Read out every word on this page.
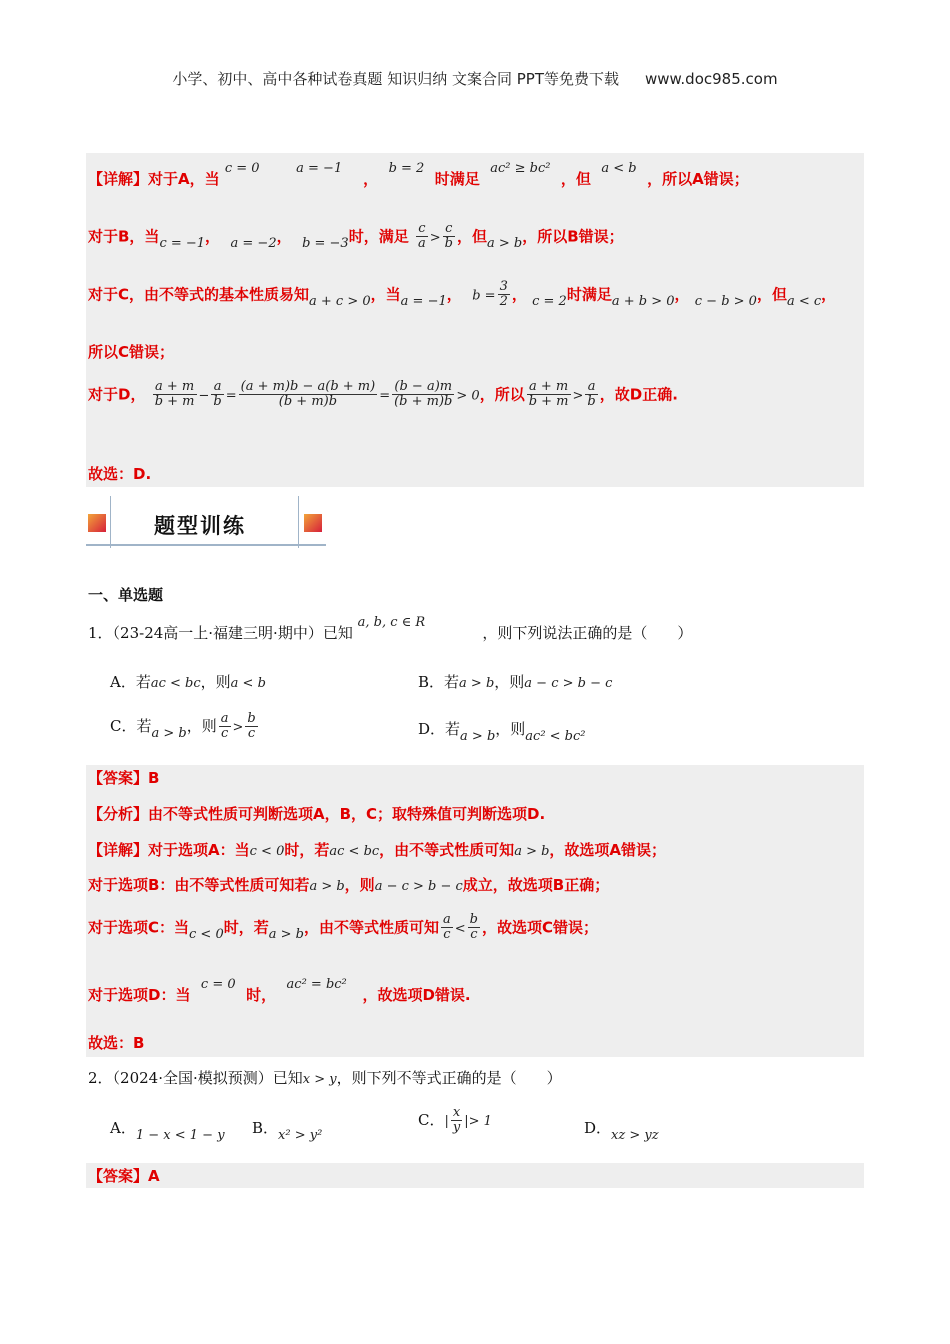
小学、初中、高中各种试卷真题 知识归纳 文案合同 PPT等免费下载 www.doc985.com
【详解】对于A，当 c = 0	a = −1    ，  b = 2  时满足  ac² ≥ bc²  ，但  a < b  ，所以A错误；
对于B，当c = −1， a = −2， b = −3时，满足 $\frac{c}{a} > \frac{c}{b}$ ，但a > b，所以B错误；
对于C，由不等式的基本性质易知a + c > 0，当a = −1， $b = \frac{3}{2}$ ， c = 2时满足a + b > 0， c − b > 0，但a < c，
所以C错误；
对于D， $\frac{a + m}{b + m} - \frac{a}{b} = \frac{(a + m)b - a(b + m)}{(b + m)b} = \frac{(b - a)m}{(b + m)b} > 0$，所以 $\frac{a + m}{b + m} > \frac{a}{b}$ ，故D正确.
故选：D.
题型训练
一、单选题
1．（23-24高一上·福建三明·期中）已知 a, b, c ∈ R            ，则下列说法正确的是（　　）
A．若ac < bc，则a < b	B．若a > b，则a − c > b − c
C．若a > b，则 $\frac{a}{c} > \frac{b}{c}$	D．若a > b，则ac² < bc²
【答案】B
【分析】由不等式性质可判断选项A，B，C；取特殊值可判断选项D.
【详解】对于选项A：当c < 0时，若ac < bc，由不等式性质可知a > b，故选项A错误；
对于选项B：由不等式性质可知若a > b，则a − c > b − c成立，故选项B正确；
对于选项C：当c < 0时，若a > b，由不等式性质可知 $\frac{a}{c} < \frac{b}{c}$ ，故选项C错误；
对于选项D：当  c = 0  时，  ac² = bc²   ，故选项D错误.
故选：B
2．（2024·全国·模拟预测）已知x > y，则下列不等式正确的是（　　）
A．1 − x < 1 − y B．x² > y²
C．| $\frac{x}{y}$ |> 1	D．xz > yz
【答案】A
